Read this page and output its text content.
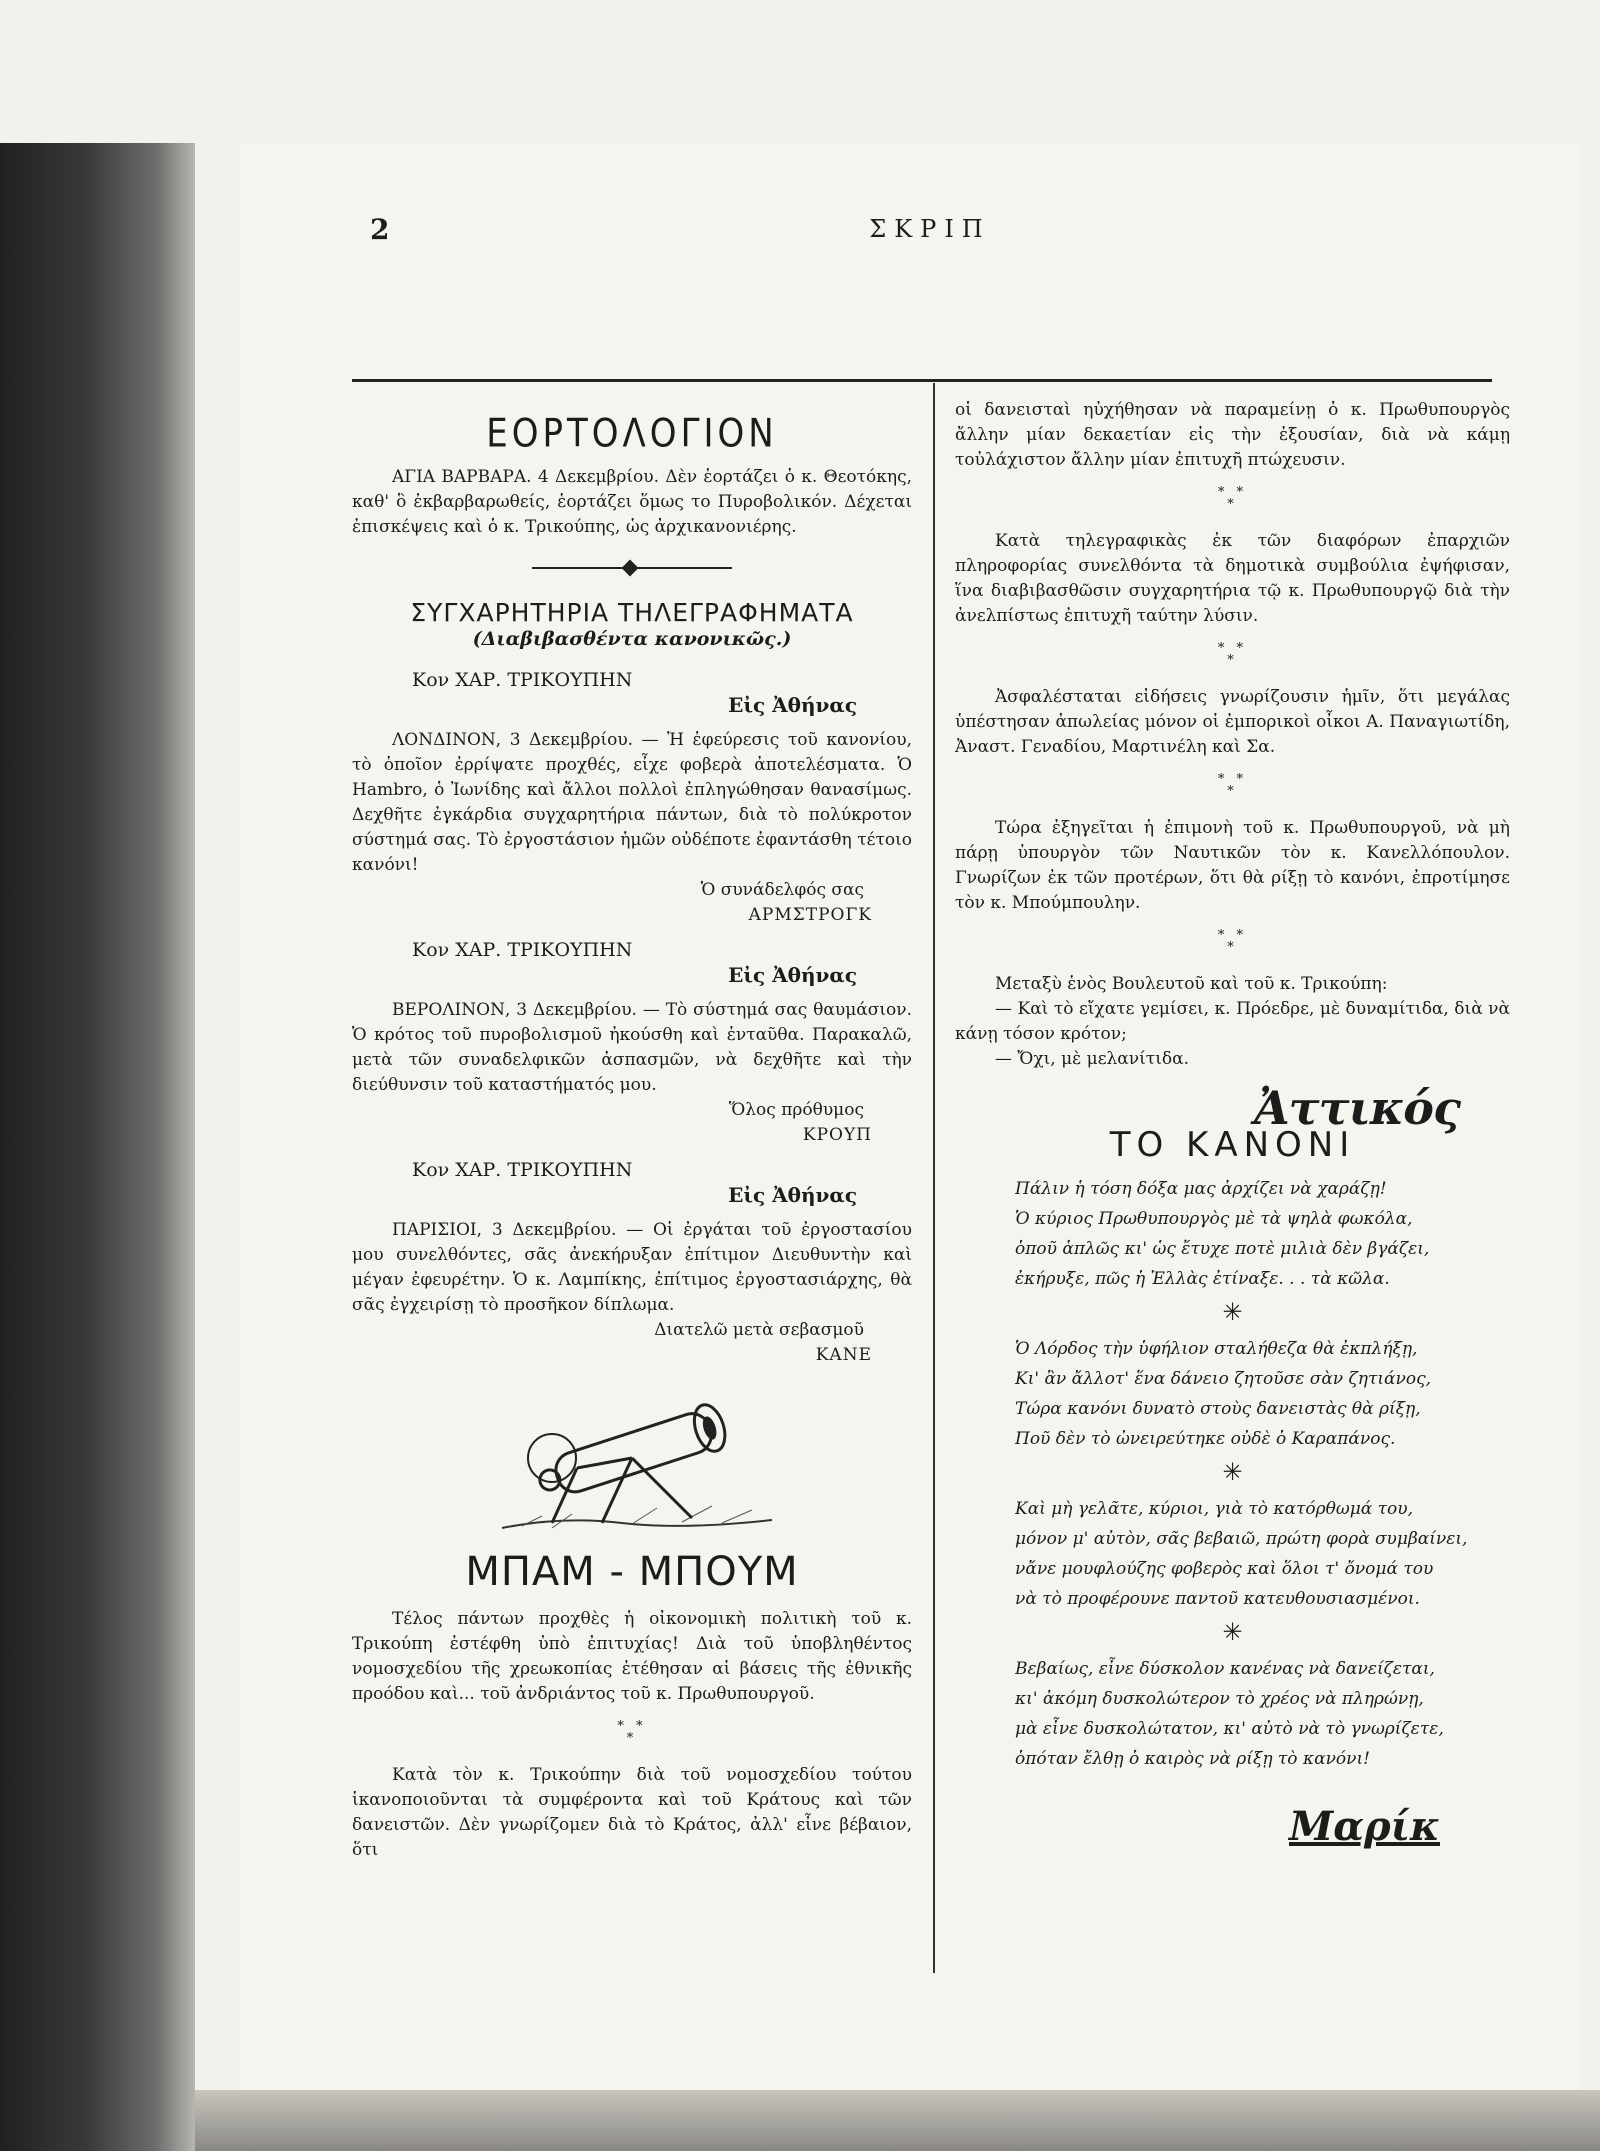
2	ΣΚΡΙΠ
ΕΟΡΤΟΛΟΓΙΟΝ

ΑΓΙΑ ΒΑΡΒΑΡΑ. 4 Δεκεμβρίου. Δὲν ἑορτάζει ὁ κ. Θεοτόκης, καθ' ὃ ἐκβαρβαρωθείς, ἑορτάζει ὅμως το Πυροβολικόν. Δέχεται ἐπισκέψεις καὶ ὁ κ. Τρικούπης, ὡς ἀρχικανονιέρης.

ΣΥΓΧΑΡΗΤΗΡΙΑ ΤΗΛΕΓΡΑΦΗΜΑΤΑ
(Διαβιβασθέντα κανονικῶς.)
Κον ΧΑΡ. ΤΡΙΚΟΥΠΗΝ
Εἰς Ἀθήνας

ΛΟΝΔΙΝΟΝ, 3 Δεκεμβρίου. — Ἡ ἐφεύρεσις τοῦ κανονίου, τὸ ὁποῖον ἐρρίψατε προχθές, εἶχε φοβερὰ ἀποτελέσματα. Ὁ Hambro, ὁ Ἰωνίδης καὶ ἄλλοι πολλοὶ ἐπληγώθησαν θανασίμως. Δεχθῆτε ἐγκάρδια συγχαρητήρια πάντων, διὰ τὸ πολύκροτον σύστημά σας. Τὸ ἐργοστάσιον ἡμῶν οὐδέποτε ἐφαντάσθη τέτοιο κανόνι!

Ὁ συνάδελφός σας
ΑΡΜΣΤΡΟΓΚ
Κον ΧΑΡ. ΤΡΙΚΟΥΠΗΝ
Εἰς Ἀθήνας

ΒΕΡΟΛΙΝΟΝ, 3 Δεκεμβρίου. — Τὸ σύστημά σας θαυμάσιον. Ὁ κρότος τοῦ πυροβολισμοῦ ἠκούσθη καὶ ἐνταῦθα. Παρακαλῶ, μετὰ τῶν συναδελφικῶν ἀσπασμῶν, νὰ δεχθῆτε καὶ τὴν διεύθυνσιν τοῦ καταστήματός μου.

Ὅλος πρόθυμος
ΚΡΟΥΠ
Κον ΧΑΡ. ΤΡΙΚΟΥΠΗΝ
Εἰς Ἀθήνας

ΠΑΡΙΣΙΟΙ, 3 Δεκεμβρίου. — Οἱ ἐργάται τοῦ ἐργοστασίου μου συνελθόντες, σᾶς ἀνεκήρυξαν ἐπίτιμον Διευθυντὴν καὶ μέγαν ἐφευρέτην. Ὁ κ. Λαμπίκης, ἐπίτιμος ἐργοστασιάρχης, θὰ σᾶς ἐγχειρίσῃ τὸ προσῆκον δίπλωμα.

Διατελῶ μετὰ σεβασμοῦ
ΚΑΝΕ
ΜΠΑΜ - ΜΠΟΥΜ

Τέλος πάντων προχθὲς ἡ οἰκονομικὴ πολιτικὴ τοῦ κ. Τρικούπη ἐστέφθη ὑπὸ ἐπιτυχίας! Διὰ τοῦ ὑποβληθέντος νομοσχεδίου τῆς χρεωκοπίας ἐτέθησαν αἱ βάσεις τῆς ἐθνικῆς προόδου καὶ... τοῦ ἀνδριάντος τοῦ κ. Πρωθυπουργοῦ.

* *
*

Κατὰ τὸν κ. Τρικούπην διὰ τοῦ νομοσχεδίου τούτου ἱκανοποιοῦνται τὰ συμφέροντα καὶ τοῦ Κράτους καὶ τῶν δανειστῶν. Δὲν γνωρίζομεν διὰ τὸ Κράτος, ἀλλ' εἶνε βέβαιον, ὅτι

οἱ δανεισταὶ ηὐχήθησαν νὰ παραμείνῃ ὁ κ. Πρωθυπουργὸς ἄλλην μίαν δεκαετίαν εἰς τὴν ἐξουσίαν, διὰ νὰ κάμῃ τοὐλάχιστον ἄλλην μίαν ἐπιτυχῆ πτώχευσιν.

* *
*

Κατὰ τηλεγραφικὰς ἐκ τῶν διαφόρων ἐπαρχιῶν πληροφορίας συνελθόντα τὰ δημοτικὰ συμβούλια ἐψήφισαν, ἵνα διαβιβασθῶσιν συγχαρητήρια τῷ κ. Πρωθυπουργῷ διὰ τὴν ἀνελπίστως ἐπιτυχῆ ταύτην λύσιν.

* *
*

Ἀσφαλέσταται εἰδήσεις γνωρίζουσιν ἡμῖν, ὅτι μεγάλας ὑπέστησαν ἀπωλείας μόνον οἱ ἐμπορικοὶ οἶκοι Α. Παναγιωτίδη, Ἀναστ. Γεναδίου, Μαρτινέλη καὶ Σα.

* *
*

Τώρα ἐξηγεῖται ἡ ἐπιμονὴ τοῦ κ. Πρωθυπουργοῦ, νὰ μὴ πάρῃ ὑπουργὸν τῶν Ναυτικῶν τὸν κ. Κανελλόπουλον. Γνωρίζων ἐκ τῶν προτέρων, ὅτι θὰ ρίξῃ τὸ κανόνι, ἐπροτίμησε τὸν κ. Μπούμπουλην.

* *
*

Μεταξὺ ἑνὸς Βουλευτοῦ καὶ τοῦ κ. Τρικούπη:

— Καὶ τὸ εἴχατε γεμίσει, κ. Πρόεδρε, μὲ δυναμίτιδα, διὰ νὰ κάνῃ τόσον κρότον;

— Ὄχι, μὲ μελανίτιδα.

Ἀττικός
ΤΟ ΚΑΝΟΝΙ
Πάλιν ἡ τόση δόξα μας ἀρχίζει νὰ χαράζῃ!
Ὁ κύριος Πρωθυπουργὸς μὲ τὰ ψηλὰ φωκόλα,
ὁποῦ ἁπλῶς κι' ὡς ἔτυχε ποτὲ μιλιὰ δὲν βγάζει,
ἐκήρυξε, πῶς ἡ Ἑλλὰς ἐτίναξε. . . τὰ κῶλα.
✳
Ὁ Λόρδος τὴν ὑφήλιον σταλήθεζα θὰ ἐκπλήξῃ,
Κι' ἂν ἄλλοτ' ἕνα δάνειο ζητοῦσε σὰν ζητιάνος,
Τώρα κανόνι δυνατὸ στοὺς δανειστὰς θὰ ρίξῃ,
Ποῦ δὲν τὸ ὠνειρεύτηκε οὐδὲ ὁ Καραπάνος.
✳
Καὶ μὴ γελᾶτε, κύριοι, γιὰ τὸ κατόρθωμά του,
μόνον μ' αὐτὸν, σᾶς βεβαιῶ, πρώτη φορὰ συμβαίνει,
νἄνε μουφλούζης φοβερὸς καὶ ὅλοι τ' ὄνομά του
νὰ τὸ προφέρουνε παντοῦ κατευθουσιασμένοι.
✳
Βεβαίως, εἶνε δύσκολον κανένας νὰ δανείζεται,
κι' ἀκόμη δυσκολώτερον τὸ χρέος νὰ πληρώνῃ,
μὰ εἶνε δυσκολώτατον, κι' αὐτὸ νὰ τὸ γνωρίζετε,
ὁπόταν ἔλθῃ ὁ καιρὸς νὰ ρίξῃ τὸ κανόνι!
Μαρίκ
